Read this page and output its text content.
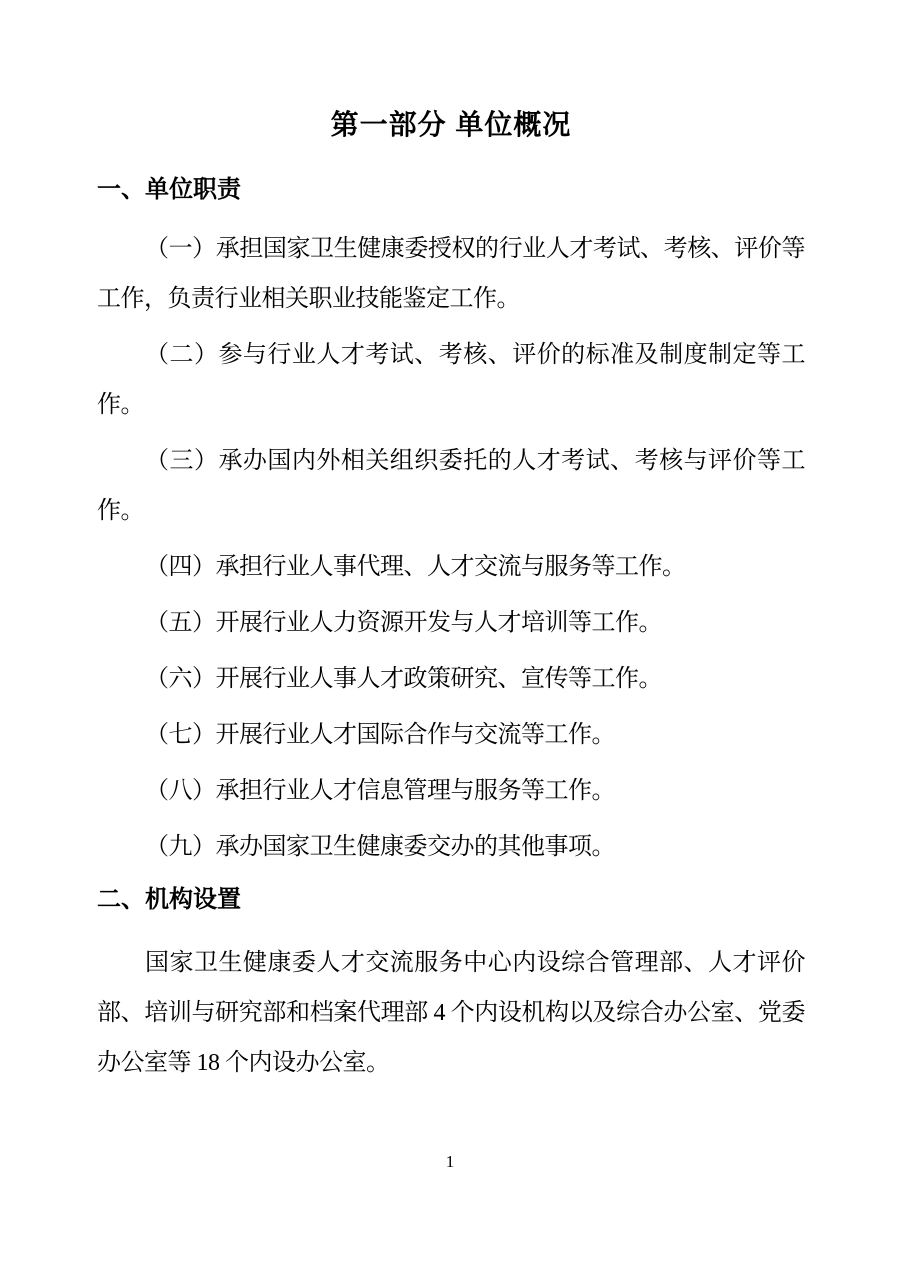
第一部分 单位概况
一、单位职责

（一）承担国家卫生健康委授权的行业人才考试、考核、评价等工作，负责行业相关职业技能鉴定工作。

（二）参与行业人才考试、考核、评价的标准及制度制定等工作。

（三）承办国内外相关组织委托的人才考试、考核与评价等工作。

（四）承担行业人事代理、人才交流与服务等工作。

（五）开展行业人力资源开发与人才培训等工作。

（六）开展行业人事人才政策研究、宣传等工作。

（七）开展行业人才国际合作与交流等工作。

（八）承担行业人才信息管理与服务等工作。

（九）承办国家卫生健康委交办的其他事项。

二、机构设置

国家卫生健康委人才交流服务中心内设综合管理部、人才评价部、培训与研究部和档案代理部 4 个内设机构以及综合办公室、党委办公室等 18 个内设办公室。

1
